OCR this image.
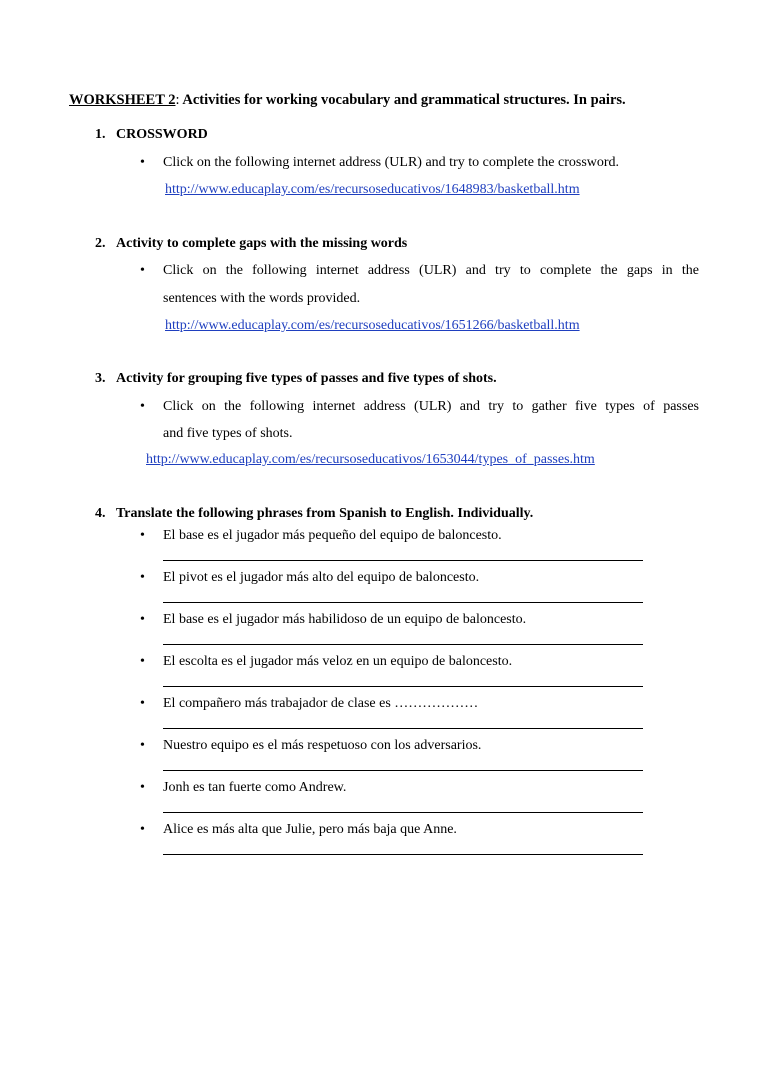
WORKSHEET 2: Activities for working vocabulary and grammatical structures. In pairs.
1. CROSSWORD
• Click on the following internet address (ULR) and try to complete the crossword.
http://www.educaplay.com/es/recursoseducativos/1648983/basketball.htm
2. Activity to complete gaps with the missing words
• Click on the following internet address (ULR) and try to complete the gaps in the
sentences with the words provided.
http://www.educaplay.com/es/recursoseducativos/1651266/basketball.htm
3. Activity for grouping five types of passes and five types of shots.
• Click on the following internet address (ULR) and try to gather five types of passes
and five types of shots.
http://www.educaplay.com/es/recursoseducativos/1653044/types_of_passes.htm
4. Translate the following phrases from Spanish to English. Individually.
• El base es el jugador más pequeño del equipo de baloncesto.
• El pivot es el jugador más alto del equipo de baloncesto.
• El base es el jugador más habilidoso de un equipo de baloncesto.
• El escolta es el jugador más veloz en un equipo de baloncesto.
• El compañero más trabajador de clase es ………………
• Nuestro equipo es el más respetuoso con los adversarios.
• Jonh es tan fuerte como Andrew.
• Alice es más alta que Julie, pero más baja que Anne.
